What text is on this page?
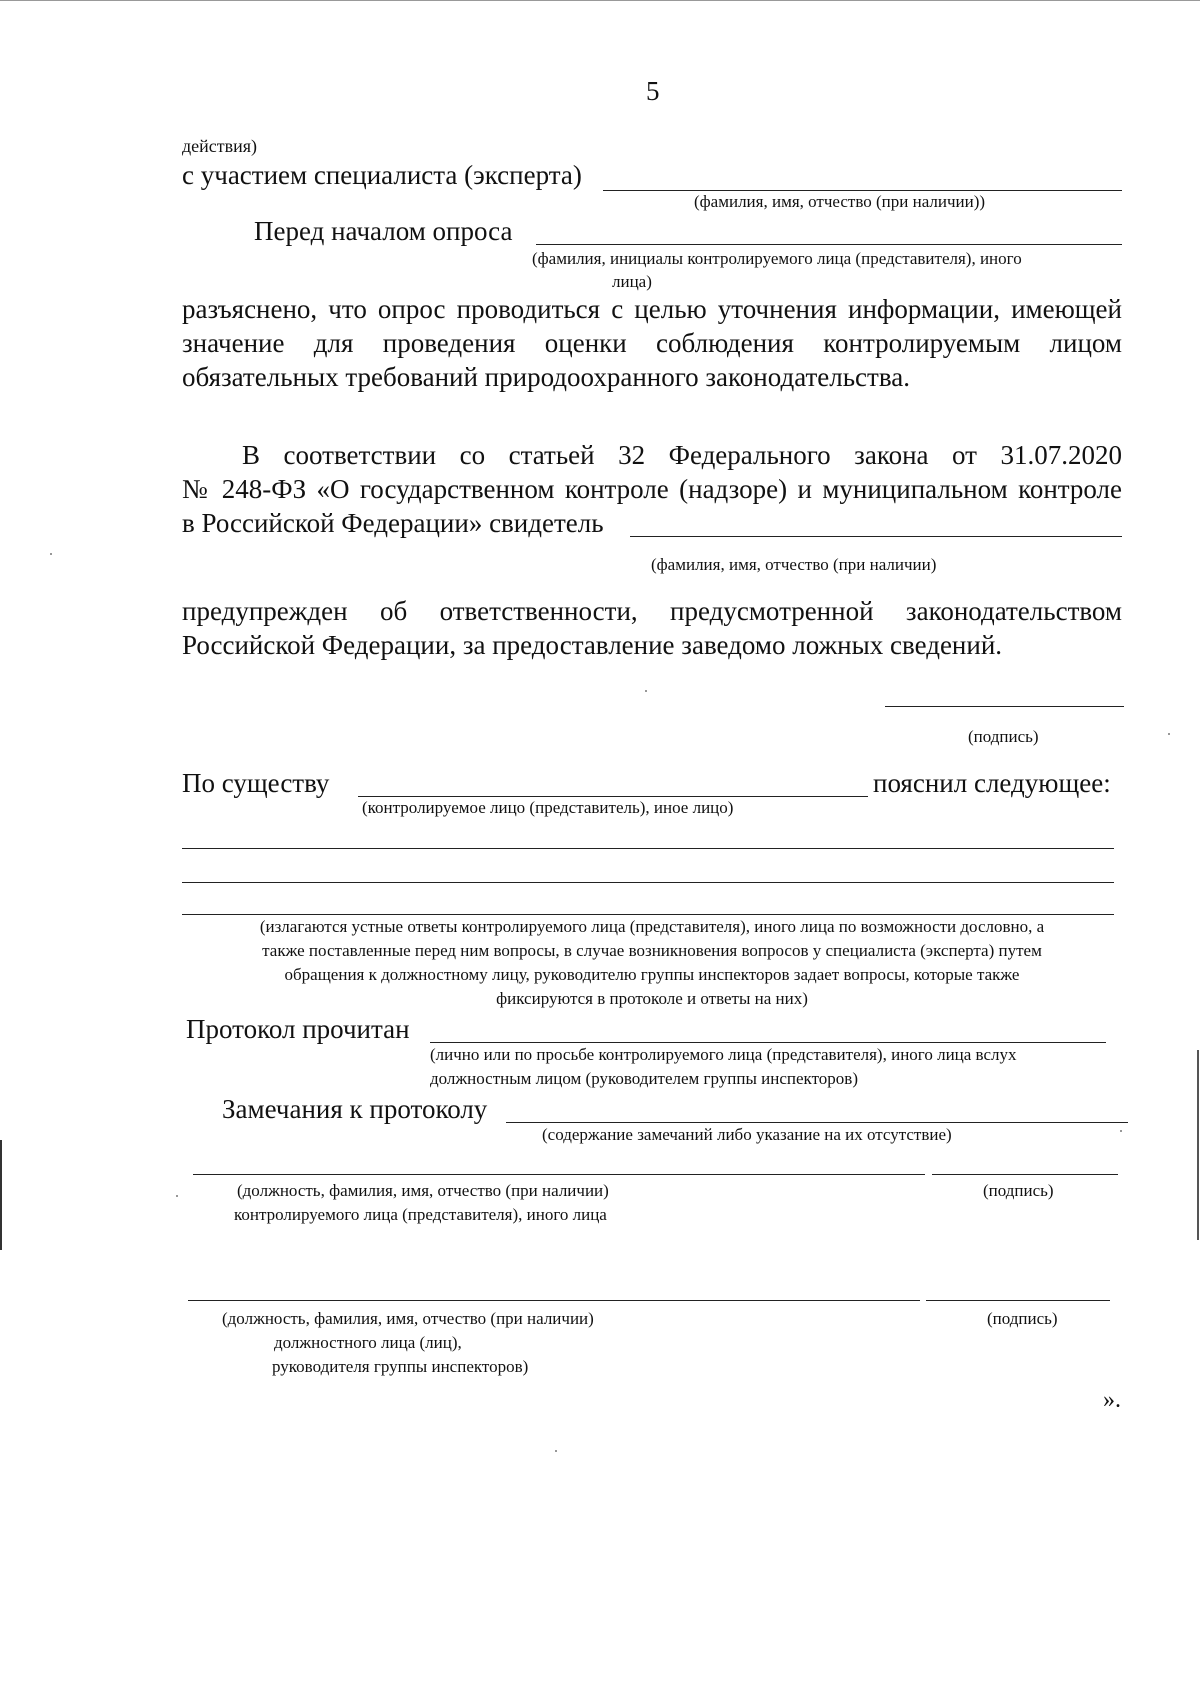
5
действия)
с участием специалиста (эксперта)
(фамилия, имя, отчество (при наличии))
Перед началом опроса
(фамилия, инициалы контролируемого лица (представителя), иного
лица)
разъяснено, что опрос проводиться с целью уточнения информации, имеющей
значение для проведения оценки соблюдения контролируемым лицом
обязательных требований природоохранного законодательства.
В соответствии со статьей 32 Федерального закона от 31.07.2020
№ 248-ФЗ «О государственном контроле (надзоре) и муниципальном контроле
в Российской Федерации» свидетель
(фамилия, имя, отчество (при наличии)
предупрежден об ответственности, предусмотренной законодательством
Российской Федерации, за предоставление заведомо ложных сведений.
(подпись)
По существу	пояснил следующее:
(контролируемое лицо (представитель), иное лицо)
(излагаются устные ответы контролируемого лица (представителя), иного лица по возможности дословно, а
также поставленные перед ним вопросы, в случае возникновения вопросов у специалиста (эксперта) путем
обращения к должностному лицу, руководителю группы инспекторов задает вопросы, которые также
фиксируются в протоколе и ответы на них)
Протокол прочитан
(лично или по просьбе контролируемого лица (представителя), иного лица вслух
должностным лицом (руководителем группы инспекторов)
Замечания к протоколу
(содержание замечаний либо указание на их отсутствие)
(должность, фамилия, имя, отчество (при наличии)
контролируемого лица (представителя), иного лица
(подпись)
(должность, фамилия, имя, отчество (при наличии)
должностного лица (лиц),
руководителя группы инспекторов)
(подпись)
».
